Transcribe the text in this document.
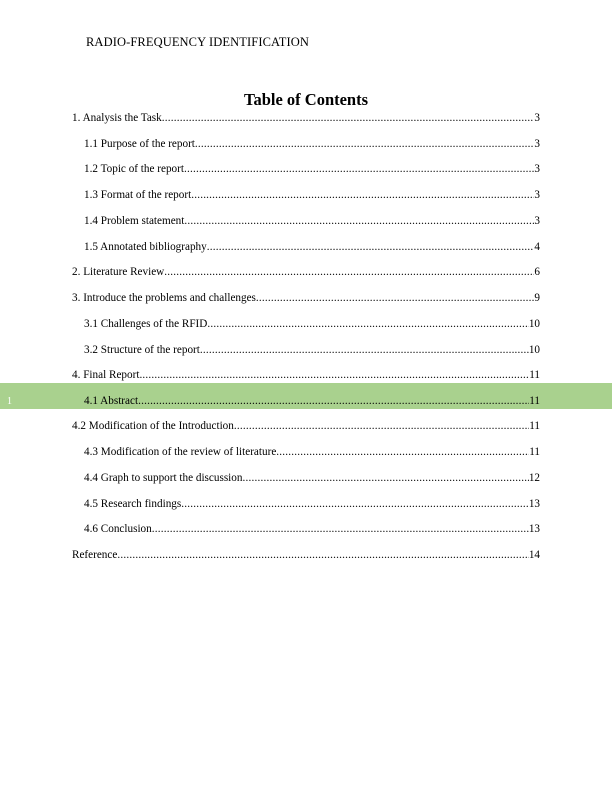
RADIO-FREQUENCY IDENTIFICATION
Table of Contents
1
1. Analysis the Task .....	3
1.1 Purpose of the report .....	3
1.2 Topic of the report .....	3
1.3 Format of the report .....	3
1.4 Problem statement .....	3
1.5 Annotated bibliography .....	4
2. Literature Review .....	6
3. Introduce the problems and challenges .....	9
3.1 Challenges of the RFID .....	10
3.2 Structure of the report .....	10
4. Final Report .....	11
4.1 Abstract .....	11
4.2 Modification of the Introduction .....	11
4.3 Modification of the review of literature .....	11
4.4 Graph to support the discussion .....	12
4.5 Research findings .....	13
4.6 Conclusion .....	13
Reference .....	14
